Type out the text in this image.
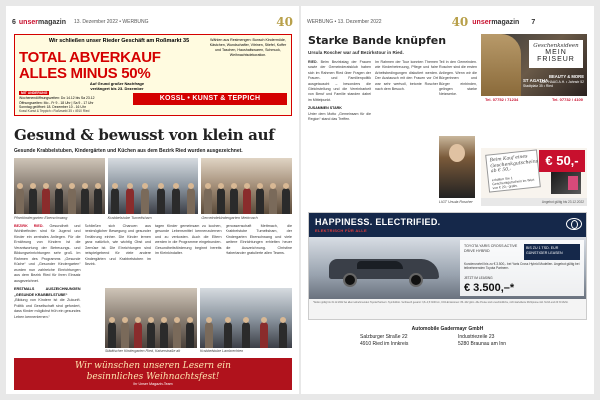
6 unsermagazin 13. Dezember 2022 • WERBUNG	40
Wir schließen unser Rieder Geschäft am Roßmarkt 35
TOTAL ABVERKAUF
ALLES MINUS 50%
Auf Grund großer Nachfrage
verlängert bis 23. Dezember
Wählen aus Restmengen: Bunsch Kindermöde, Kästchen, Wundschafter, Vitrinen, Stiefel, Koffer und Taschen, Haushaltswaren, Schmuck, Weihnachtsdekoration.
MIT ÜNDERUNG
Wochenendöffnungszeiten: Do 14.12 bis Sa 23.12
Öffnungszeiten: Mo - Fr 9 - 18 Uhr | Sa 9 - 17 Uhr
Sonntag geöffnet: 18. Dezember 10 - 16 Uhr
KOSSL • KUNST & TEPPICH
Kossl Kunst & Teppich • Roßmarkt 35 • 4910 Ried
Gesund & bewusst von klein auf
Gesunde Krabbelstuben, Kindergärten und Küchen aus dem Bezirk Ried wurden ausgezeichnet.
Pfarrkindergarten Eberschwang	Krabbelstube Tumeltsham	Gemeindekindergarten Mettmach
BEZIRK RIED. Gesundheit und Wohlbefinden sind für Jugend und Kinder ein zentrales Anliegen. Für die Ernährung von Kindern ist die Verantwortung der Betreuungs- und Bildungseinrichtungen sehr groß. Im Rahmen des Programms „Gesunde Küche“ und „Gesunder Kindergarten“ wurden nun zahlreiche Einrichtungen aus dem Bezirk Ried für ihren Einsatz ausgezeichnet.
ERSTMALS AUSZEICHNUNGEN „GESUNDE KRABBELSTUBE“
„Bildung von Kindern ist die Zukunft. Politik und Gesellschaft sind gefordert, dass Kinder möglichst früh ein gesundes Leben kennenlernen.“
Schließen sich Chancen aus bestmöglicher Bewegung und gesunder Ernährung einher. Die Kinder lernen ganz natürlich, wie wichtig Obst und Gemüse ist. Die Einrichtungen sind beispielgebend für viele andere Kindergärten und Krabbelstuben im Bezirk.
tagen Kinder gemeinsam zu kochen, gesunde Lebensmittel kennenzulernen und zu verkosten. Auch die Eltern werden in die Programme eingebunden. Gesundheitsförderung beginnt bereits im Kleinkindalter.
genossenschaft Mettmach, die Krabbelstube Tumeltsham, der Kindergarten Eberschwang und viele weitere Einrichtungen erhielten heuer die Auszeichnung. Christine Haberlander gratulierte allen Teams.
Städtischer Kindergarten Ried, Kaiserstraße alt	Krabbelstube Lambrechten
Wir wünschen unseren Lesern ein
besinnliches Weihnachtsfest!
Ihr Unser Magazin-Team
WERBUNG • 13. Dezember 2022	40 unsermagazin 7
Starke Bande knüpfen
Ursula Roscher war auf Bezirkstour in Ried.
RIED. Beim Bezirkstag der Frauen sowie der Gemeinderatsklub haben sich im Rahmen Ried über Fragen der Frauen- und Familienpolitik ausgetauscht – besonders die Gleichstellung und die Vereinbarkeit von Beruf und Familie standen dabei im Mittelpunkt.
ZUSAMMEN STARK
Unter dem Motto „Gemeinsam für die Region“ stand das Treffen.
Im Rahmen der Tour konnten Themen wie Kinderbetreuung, Pflege und faire Arbeitsbedingungen diskutiert werden. Der Austausch mit den Frauen vor Ort war sehr wertvoll, betonte Roscher nach dem Besuch.
Teil in den Gemeinden. Roscher sind die ersten Anliegen. Wenn wir die Bürgerinnen und Bürger einbinden, gelingen starke Netzwerke.
LIGT Ursula Roscher
Geschenksideen
MEIN
FRISEUR
ST AGATHA
Stadtplatz 35 • Ried
BEAUTY & MORE
4880 HAAG A.H. • Jahnstr 52
Tel. 07752 / 71234	Tel. 07732 / 4100
Beim Kauf eines Geschenkgutscheins ab € 50,-
erhalten Sie 1 Geschenkgutschein im Wert von € 20,- gratis.
€ 50,-
Angebot gültig bis 23.12.2022
HAPPINESS. ELECTRIFIED.
ELEKTRISCH FÜR ALLE
TOYOTA YARIS CROSS ACTIVE DRIVE HYBRID
BIS ZU 1 TSD. EUR GÜNSTIGER LEASEN
Kundenvorteil bis zu € 3.500,- bei Yaris Cross Hybrid Modellen. Angebot gültig bei teilnehmenden Toyota Partnern.
JETZT IM LEASING
€ 3.500,–*
*Aktion gültig bis 31.12.2022 bei allen teilnehmenden Toyota Partnern. Symbolfoto. Verbrauch gesamt: 3,8–4,5 l/100 km, CO2-Emissionen: 86–102 g/km. Alle Preise sind unverbindliche, nicht kartellierte Richtpreise inkl. NoVA und 20 % MwSt.
Automobile Gadermayr GmbH
Salzburger Straße 22
4910 Ried im Innkreis
Industriezeile 23
5280 Braunau am Inn
